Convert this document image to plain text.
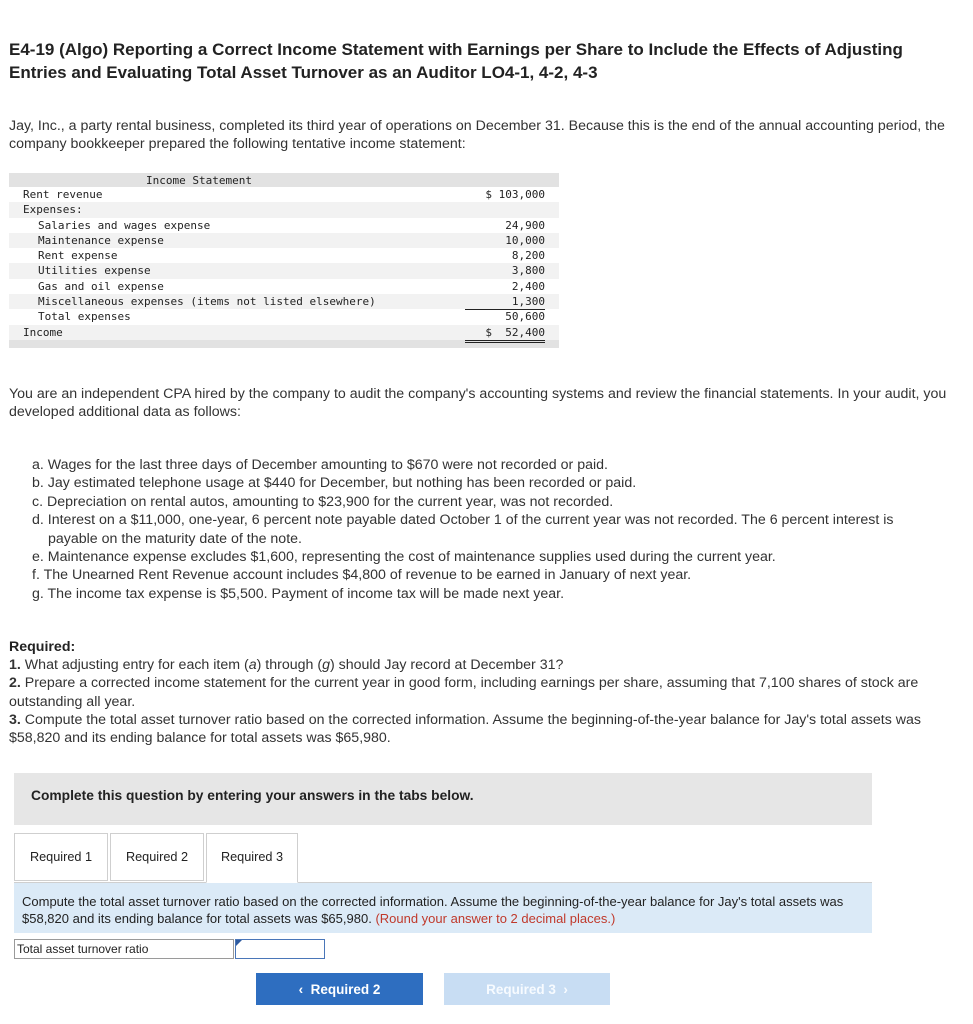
E4-19 (Algo) Reporting a Correct Income Statement with Earnings per Share to Include the Effects of Adjusting Entries and Evaluating Total Asset Turnover as an Auditor LO4-1, 4-2, 4-3

Jay, Inc., a party rental business, completed its third year of operations on December 31. Because this is the end of the annual accounting period, the company bookkeeper prepared the following tentative income statement:

Income Statement
Rent revenue	$ 103,000
Expenses:
Salaries and wages expense	24,900
Maintenance expense	10,000
Rent expense	8,200
Utilities expense	3,800
Gas and oil expense	2,400
Miscellaneous expenses (items not listed elsewhere)	1,300
Total expenses	50,600
Income	$  52,400

You are an independent CPA hired by the company to audit the company's accounting systems and review the financial statements. In your audit, you developed additional data as follows:

a. Wages for the last three days of December amounting to $670 were not recorded or paid.

b. Jay estimated telephone usage at $440 for December, but nothing has been recorded or paid.

c. Depreciation on rental autos, amounting to $23,900 for the current year, was not recorded.

d. Interest on a $11,000, one-year, 6 percent note payable dated October 1 of the current year was not recorded. The 6 percent interest is payable on the maturity date of the note.

e. Maintenance expense excludes $1,600, representing the cost of maintenance supplies used during the current year.

f. The Unearned Rent Revenue account includes $4,800 of revenue to be earned in January of next year.

g. The income tax expense is $5,500. Payment of income tax will be made next year.

Required:

1. What adjusting entry for each item (a) through (g) should Jay record at December 31?

2. Prepare a corrected income statement for the current year in good form, including earnings per share, assuming that 7,100 shares of stock are outstanding all year.

3. Compute the total asset turnover ratio based on the corrected information. Assume the beginning-of-the-year balance for Jay's total assets was $58,820 and its ending balance for total assets was $65,980.

Complete this question by entering your answers in the tabs below.
Required 1	Required 2	Required 3

Compute the total asset turnover ratio based on the corrected information. Assume the beginning-of-the-year balance for Jay's total assets was $58,820 and its ending balance for total assets was $65,980. (Round your answer to 2 decimal places.)

Total asset turnover ratio
‹ Required 2	Required 3 ›
